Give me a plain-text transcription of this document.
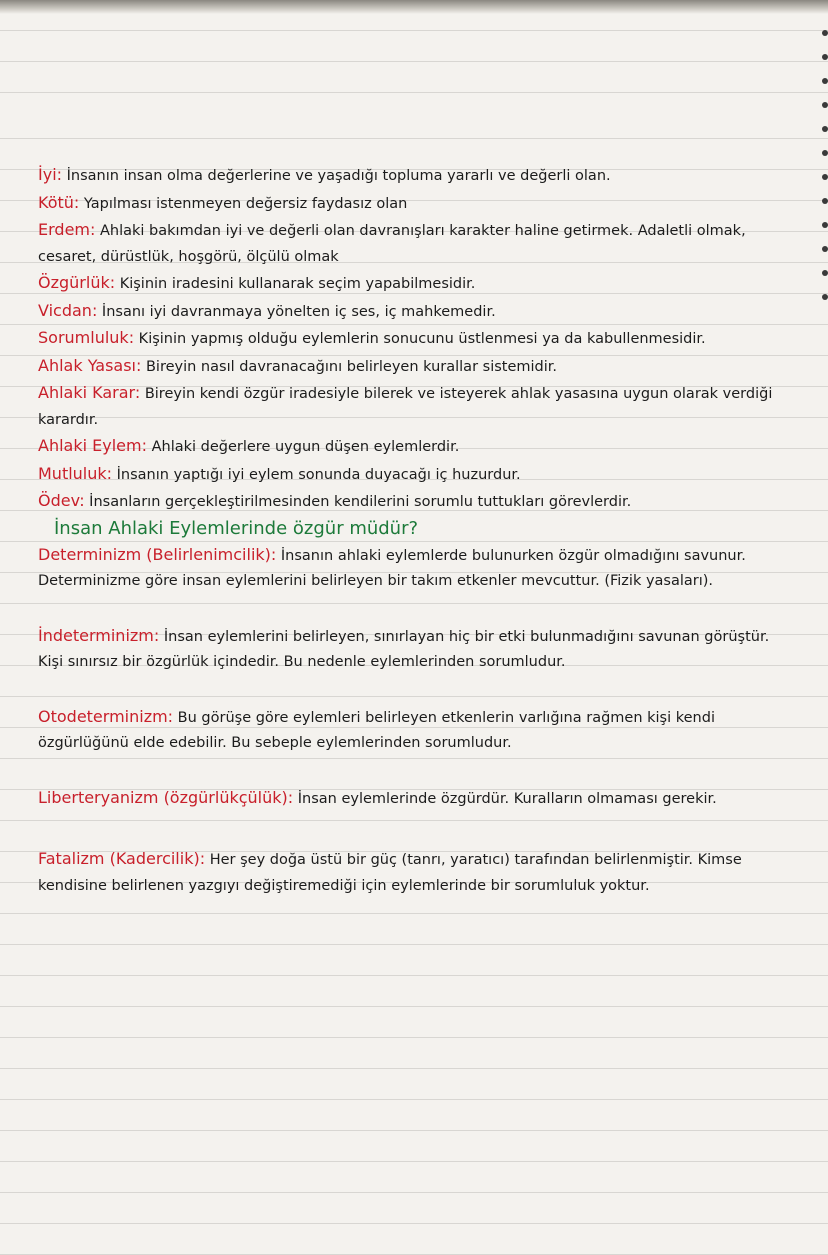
İyi: İnsanın insan olma değerlerine ve yaşadığı topluma yararlı ve değerli olan.

Kötü: Yapılması istenmeyen değersiz faydasız olan

Erdem: Ahlaki bakımdan iyi ve değerli olan davranışları karakter haline getirmek. Adaletli olmak, cesaret, dürüstlük, hoşgörü, ölçülü olmak

Özgürlük: Kişinin iradesini kullanarak seçim yapabilmesidir.

Vicdan: İnsanı iyi davranmaya yönelten iç ses, iç mahkemedir.

Sorumluluk: Kişinin yapmış olduğu eylemlerin sonucunu üstlenmesi ya da kabullenmesidir.

Ahlak Yasası: Bireyin nasıl davranacağını belirleyen kurallar sistemidir.

Ahlaki Karar: Bireyin kendi özgür iradesiyle bilerek ve isteyerek ahlak yasasına uygun olarak verdiği karardır.

Ahlaki Eylem: Ahlaki değerlere uygun düşen eylemlerdir.

Mutluluk: İnsanın yaptığı iyi eylem sonunda duyacağı iç huzurdur.

Ödev: İnsanların gerçekleştirilmesinden kendilerini sorumlu tuttukları görevlerdir.

İnsan Ahlaki Eylemlerinde özgür müdür?

Determinizm (Belirlenimcilik): İnsanın ahlaki eylemlerde bulunurken özgür olmadığını savunur. Determinizme göre insan eylemlerini belirleyen bir takım etkenler mevcuttur. (Fizik yasaları).

İndeterminizm: İnsan eylemlerini belirleyen, sınırlayan hiç bir etki bulunmadığını savunan görüştür. Kişi sınırsız bir özgürlük içindedir. Bu nedenle eylemlerinden sorumludur.

Otodeterminizm: Bu görüşe göre eylemleri belirleyen etkenlerin varlığına rağmen kişi kendi özgürlüğünü elde edebilir. Bu sebeple eylemlerinden sorumludur.

Liberteryanizm (özgürlükçülük): İnsan eylemlerinde özgürdür. Kuralların olmaması gerekir.

Fatalizm (Kadercilik): Her şey doğa üstü bir güç (tanrı, yaratıcı) tarafından belirlenmiştir. Kimse kendisine belirlenen yazgıyı değiştiremediği için eylemlerinde bir sorumluluk yoktur.
